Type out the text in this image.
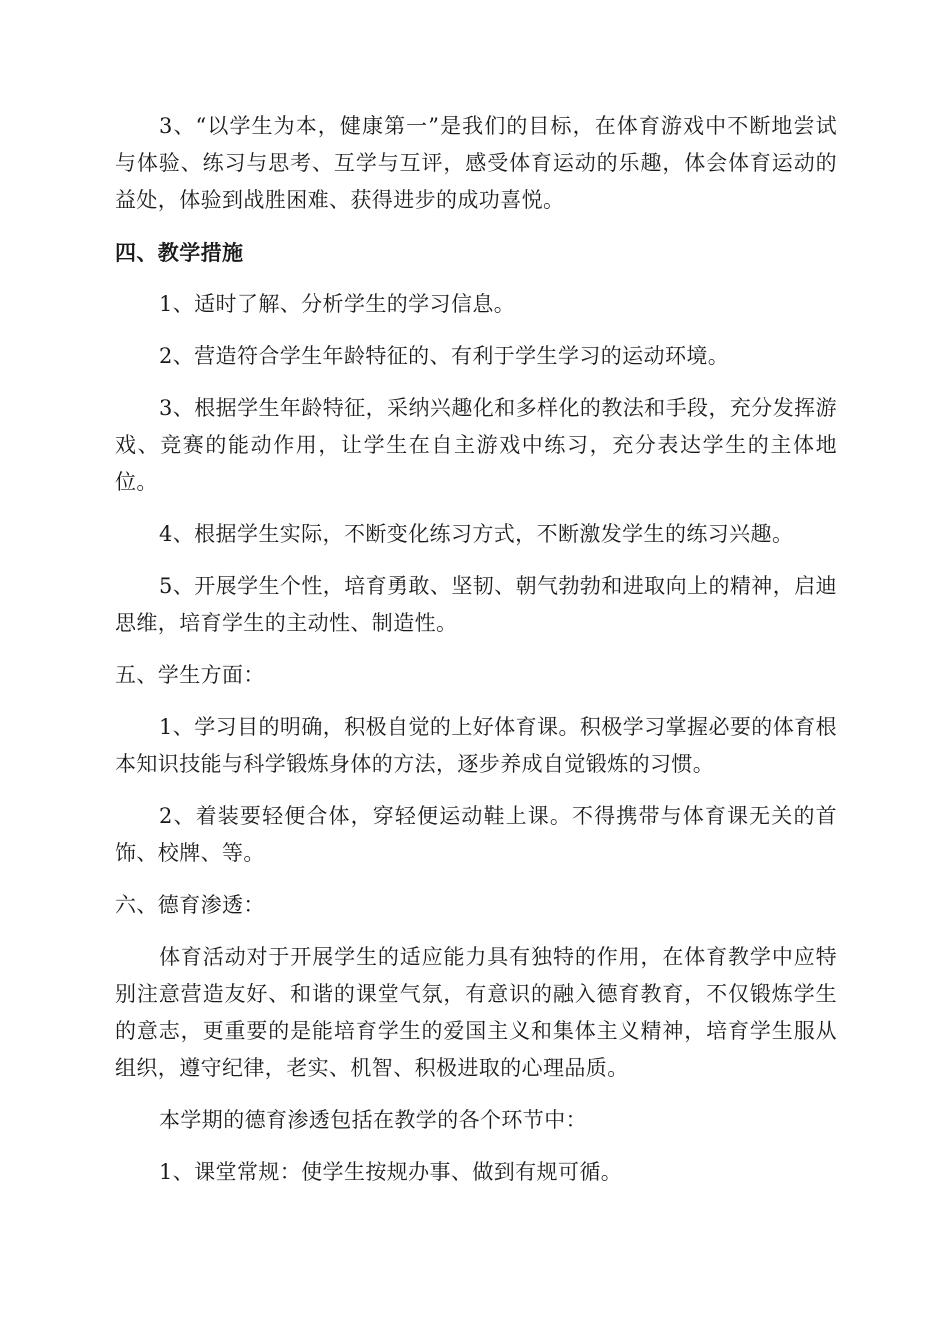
3、“以学生为本，健康第一”是我们的目标，在体育游戏中不断地尝试与体验、练习与思考、互学与互评，感受体育运动的乐趣，体会体育运动的益处，体验到战胜困难、获得进步的成功喜悦。

四、教学措施

1、适时了解、分析学生的学习信息。

2、营造符合学生年龄特征的、有利于学生学习的运动环境。

3、根据学生年龄特征，采纳兴趣化和多样化的教法和手段，充分发挥游戏、竞赛的能动作用，让学生在自主游戏中练习，充分表达学生的主体地位。

4、根据学生实际，不断变化练习方式，不断激发学生的练习兴趣。

5、开展学生个性，培育勇敢、坚韧、朝气勃勃和进取向上的精神，启迪思维，培育学生的主动性、制造性。

五、学生方面：

1、学习目的明确，积极自觉的上好体育课。积极学习掌握必要的体育根本知识技能与科学锻炼身体的方法，逐步养成自觉锻炼的习惯。

2、着装要轻便合体，穿轻便运动鞋上课。不得携带与体育课无关的首饰、校牌、等。

六、德育渗透：

体育活动对于开展学生的适应能力具有独特的作用，在体育教学中应特别注意营造友好、和谐的课堂气氛，有意识的融入德育教育，不仅锻炼学生的意志，更重要的是能培育学生的爱国主义和集体主义精神，培育学生服从组织，遵守纪律，老实、机智、积极进取的心理品质。

本学期的德育渗透包括在教学的各个环节中：

1、课堂常规：使学生按规办事、做到有规可循。
